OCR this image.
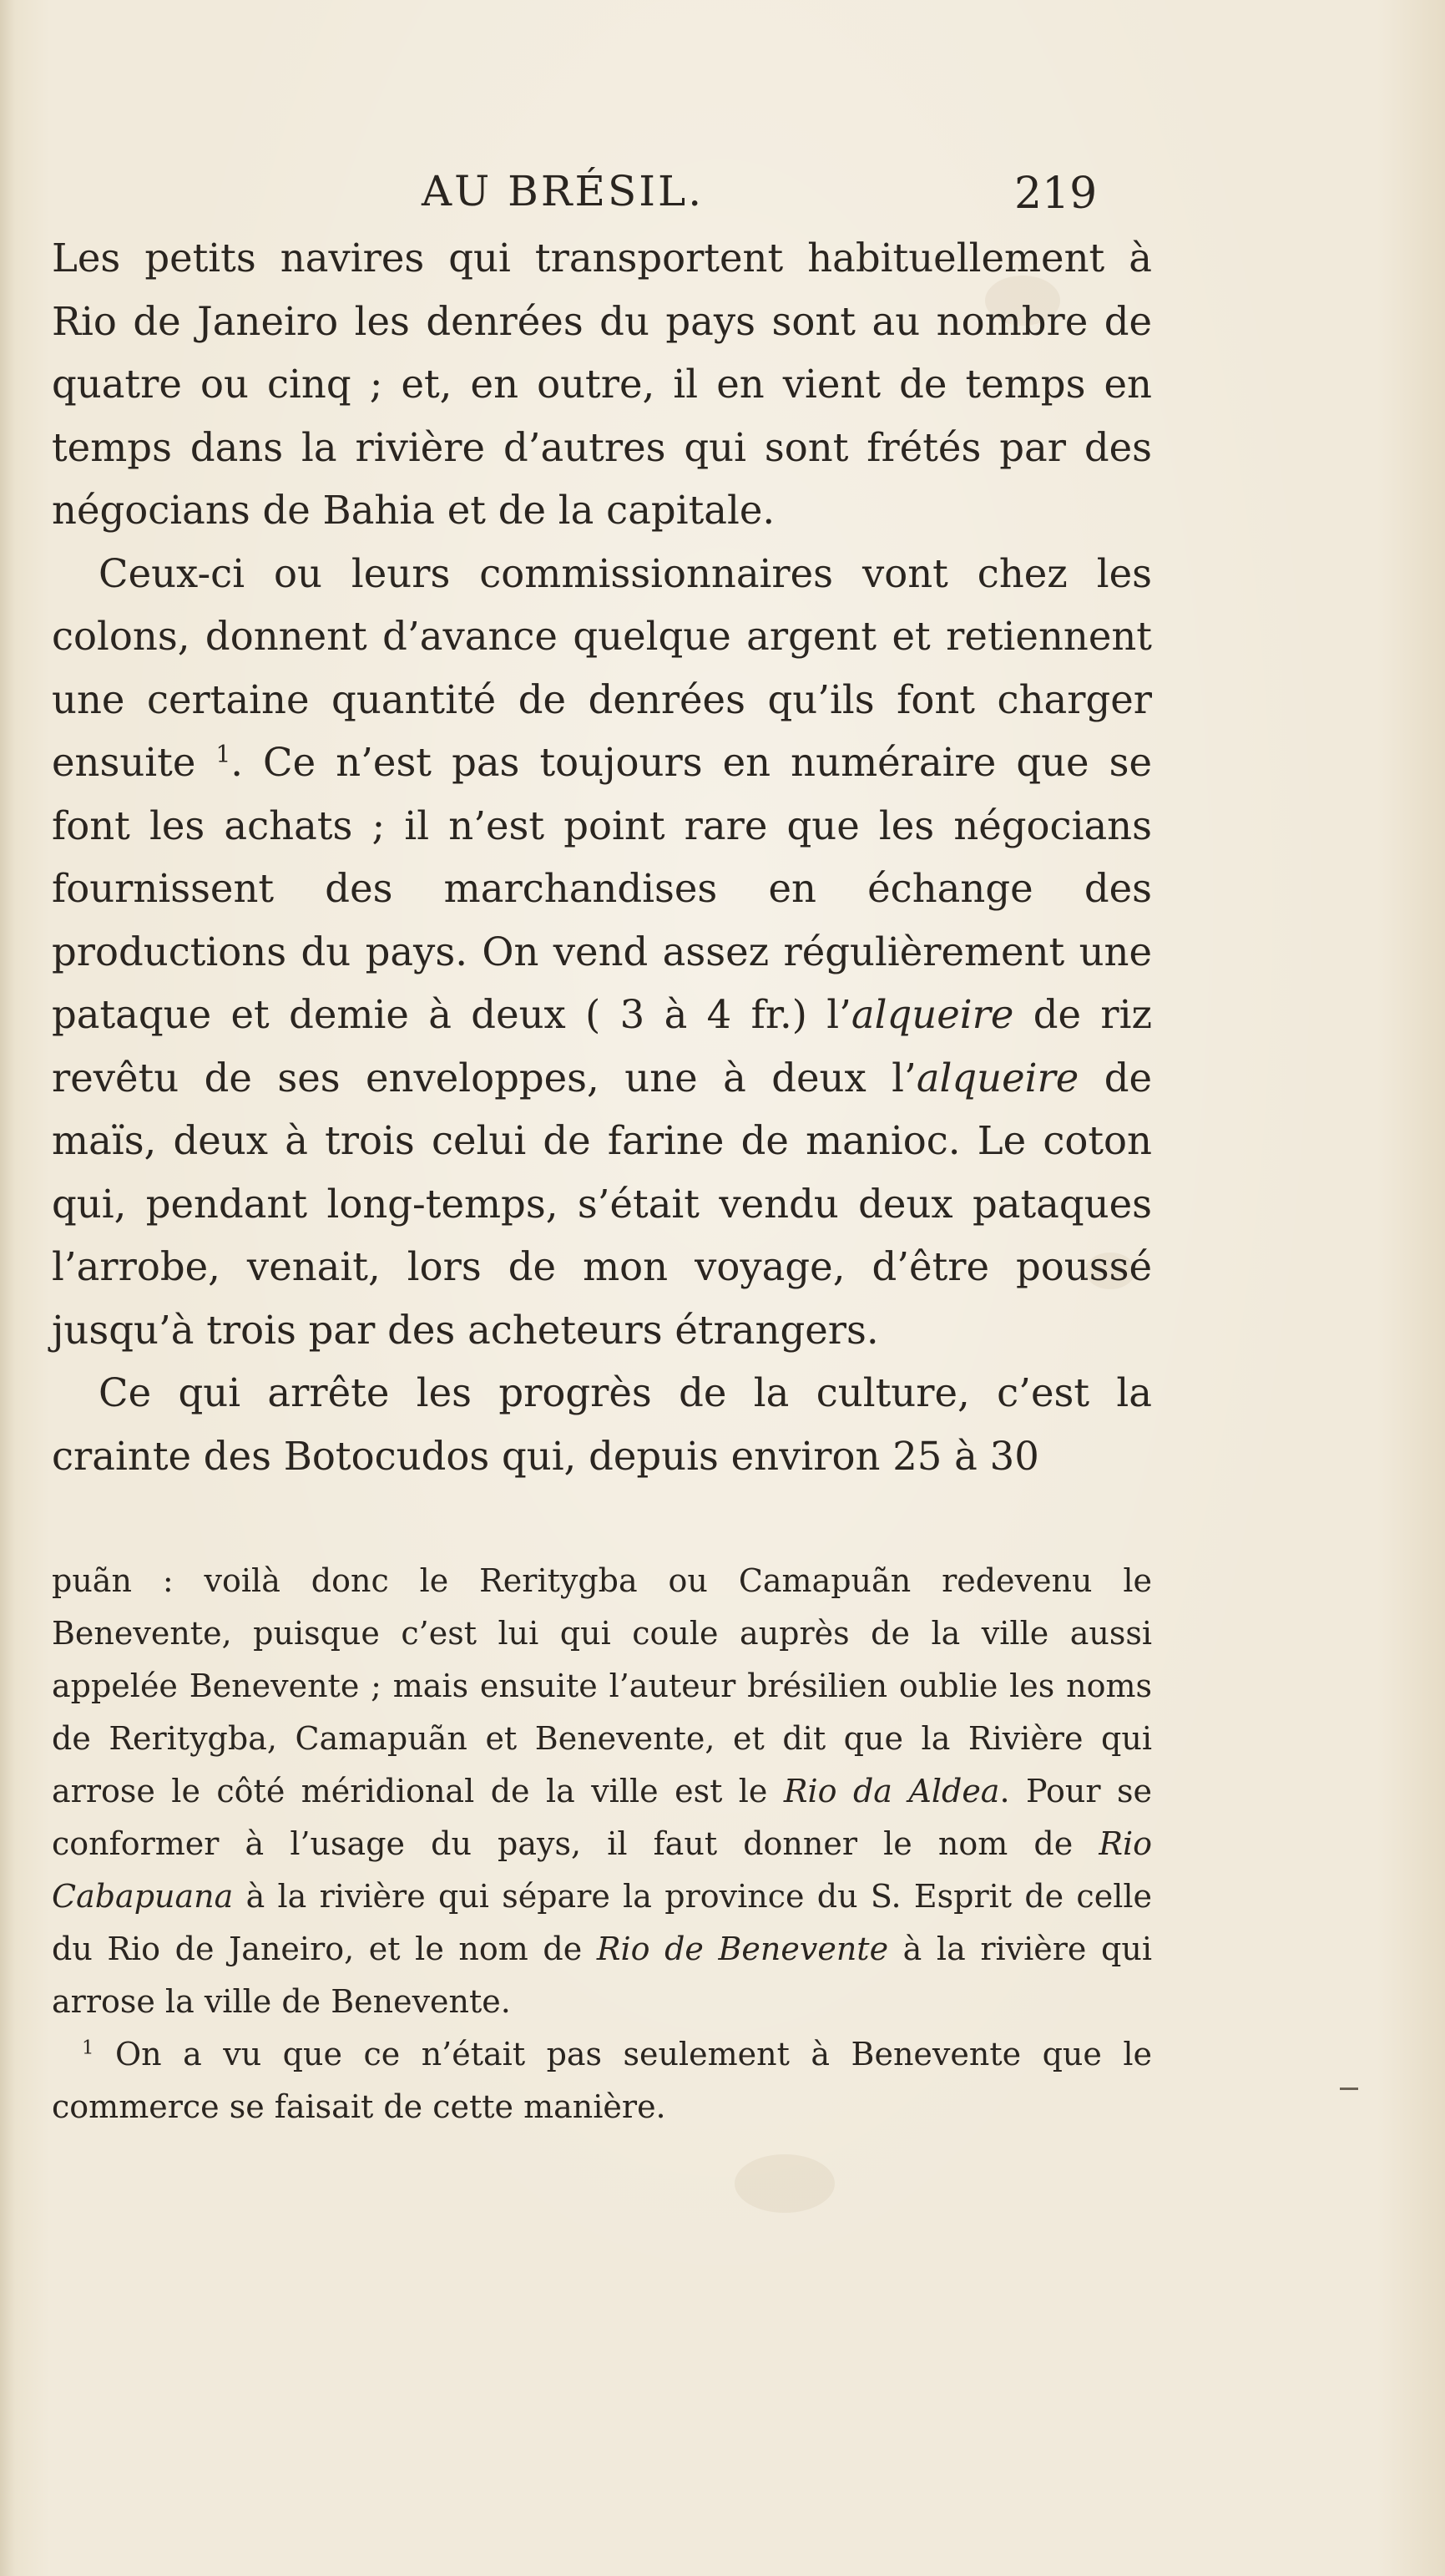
AU BRÉSIL.	219

Les petits navires qui transportent habituellement à Rio de Janeiro les denrées du pays sont au nombre de quatre ou cinq ; et, en outre, il en vient de temps en temps dans la rivière d’autres qui sont frétés par des négocians de Bahia et de la capitale.

Ceux-ci ou leurs commissionnaires vont chez les colons, donnent d’avance quelque argent et retiennent une certaine quantité de denrées qu’ils font charger ensuite $^1$. Ce n’est pas toujours en numéraire que se font les achats ; il n’est point rare que les négocians fournissent des marchandises en échange des productions du pays. On vend assez régulièrement une pataque et demie à deux ( 3 à 4 fr.) l’alqueire de riz revêtu de ses enveloppes, une à deux l’alqueire de maïs, deux à trois celui de farine de manioc. Le coton qui, pendant long-temps, s’était vendu deux pataques l’arrobe, venait, lors de mon voyage, d’être poussé jusqu’à trois par des acheteurs étrangers.

Ce qui arrête les progrès de la culture, c’est la crainte des Botocudos qui, depuis environ 25 à 30

puãn : voilà donc le Reritygba ou Camapuãn redevenu le Benevente, puisque c’est lui qui coule auprès de la ville aussi appelée Benevente ; mais ensuite l’auteur brésilien oublie les noms de Reritygba, Camapuãn et Benevente, et dit que la Rivière qui arrose le côté méridional de la ville est le Rio da Aldea. Pour se conformer à l’usage du pays, il faut donner le nom de Rio Cabapuana à la rivière qui sépare la province du S. Esprit de celle du Rio de Janeiro, et le nom de Rio de Benevente à la rivière qui arrose la ville de Benevente.

$^1$ On a vu que ce n’était pas seulement à Benevente que le commerce se faisait de cette manière.
